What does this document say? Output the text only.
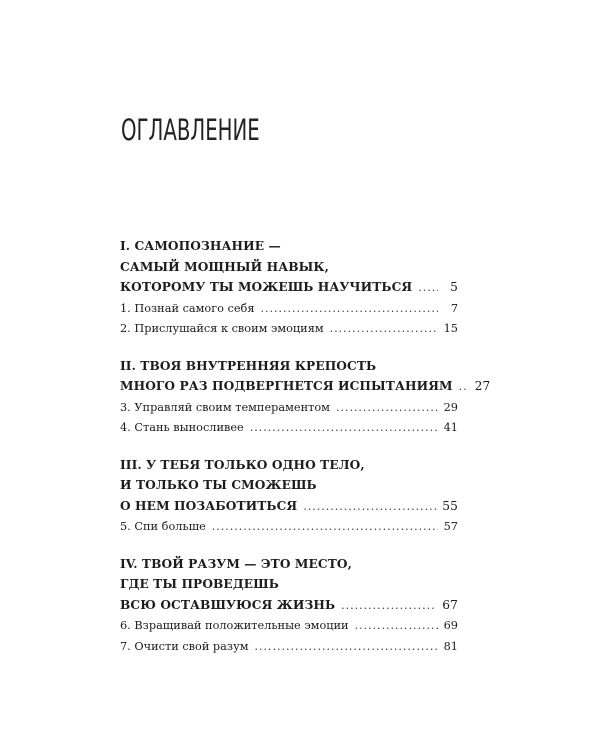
ОГЛАВЛЕНИЕ
I. САМОПОЗНАНИЕ —
САМЫЙ МОЩНЫЙ НАВЫК,
КОТОРОМУ ТЫ МОЖЕШЬ НАУЧИТЬСЯ .....	5
1. Познай самого себя .....	7
2. Прислушайся к своим эмоциям .....	15
II. ТВОЯ ВНУТРЕННЯЯ КРЕПОСТЬ
МНОГО РАЗ ПОДВЕРГНЕТСЯ ИСПЫТАНИЯМ ..... 27
3. Управляй своим темпераментом .....	29
4. Стань выносливее .....	41
III. У ТЕБЯ ТОЛЬКО ОДНО ТЕЛО,
И ТОЛЬКО ТЫ СМОЖЕШЬ
О НЕМ ПОЗАБОТИТЬСЯ .....	55
5. Спи больше .....	57
IV. ТВОЙ РАЗУМ — ЭТО МЕСТО,
ГДЕ ТЫ ПРОВЕДЕШЬ
ВСЮ ОСТАВШУЮСЯ ЖИЗНЬ .....	67
6. Взращивай положительные эмоции .....	69
7. Очисти свой разум .....	81
